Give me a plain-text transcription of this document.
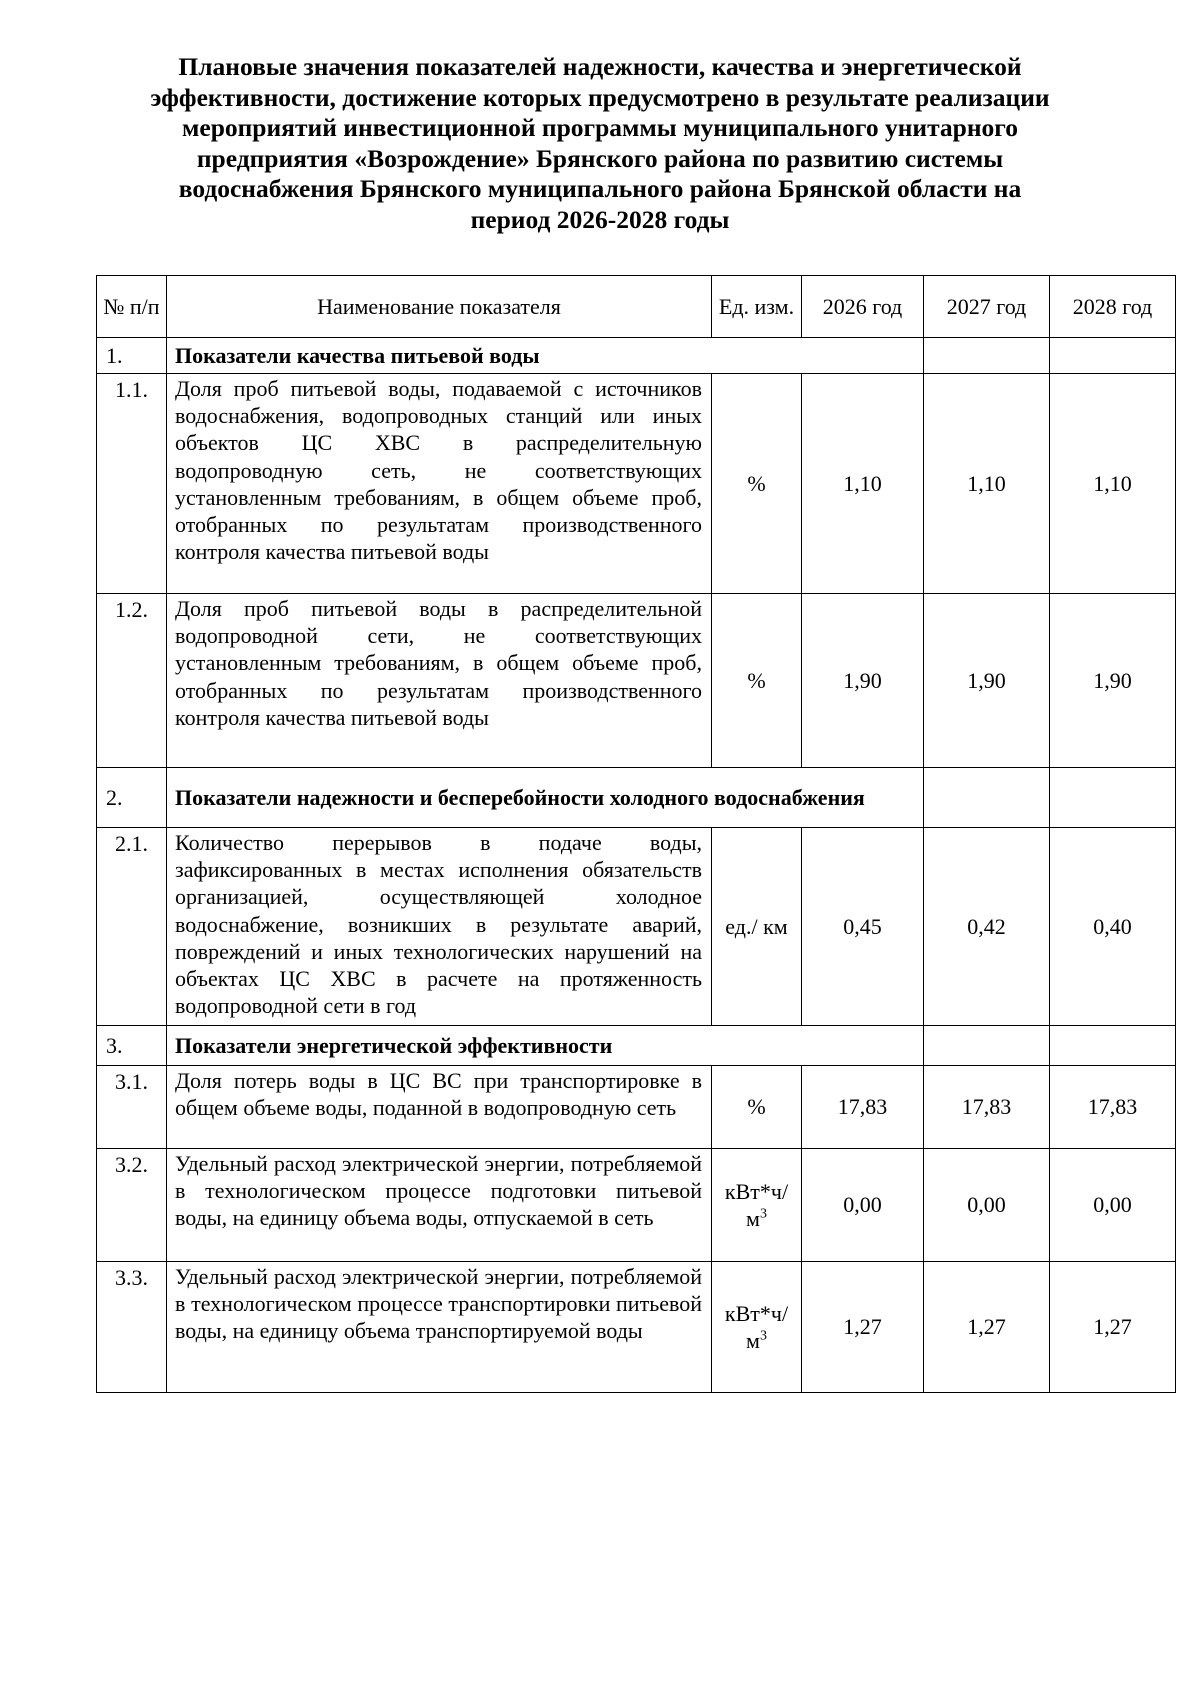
Плановые значения показателей надежности, качества и энергетической
эффективности, достижение которых предусмотрено в результате реализации
мероприятий инвестиционной программы муниципального унитарного
предприятия «Возрождение» Брянского района по развитию системы
водоснабжения Брянского муниципального района Брянской области на
период 2026-2028 годы
№ п/п	Наименование показателя	Ед. изм.	2026 год	2027 год	2028 год
1.	Показатели качества питьевой воды				
1.1.	Доля проб питьевой воды, подаваемой с источников водоснабжения, водопроводных станций или иных объектов ЦС ХВС в распределительную водопроводную сеть, не соответствующих установленным требованиям, в общем объеме проб, отобранных по результатам производственного контроля качества питьевой воды	%	1,10	1,10	1,10
1.2.	Доля проб питьевой воды в распределительной водопроводной сети, не соответствующих установленным требованиям, в общем объеме проб, отобранных по результатам производственного контроля качества питьевой воды	%	1,90	1,90	1,90
2.	Показатели надежности и бесперебойности холодного водоснабжения				
2.1.	Количество перерывов в подаче воды, зафиксированных в местах исполнения обязательств организацией, осуществляющей холодное водоснабжение, возникших в результате аварий, повреждений и иных технологических нарушений на объектах ЦС ХВС в расчете на протяженность водопроводной сети в год	ед./ км	0,45	0,42	0,40
3.	Показатели энергетической эффективности				
3.1.	Доля потерь воды в ЦС ВС при транспортировке в общем объеме воды, поданной в водопроводную сеть	%	17,83	17,83	17,83
3.2.	Удельный расход электрической энергии, потребляемой в технологическом процессе подготовки питьевой воды, на единицу объема воды, отпускаемой в сеть	кВт*ч/ $м^3$	0,00	0,00	0,00
3.3.	Удельный расход электрической энергии, потребляемой в технологическом процессе транспортировки питьевой воды, на единицу объема транспортируемой воды	кВт*ч/ $м^3$	1,27	1,27	1,27
